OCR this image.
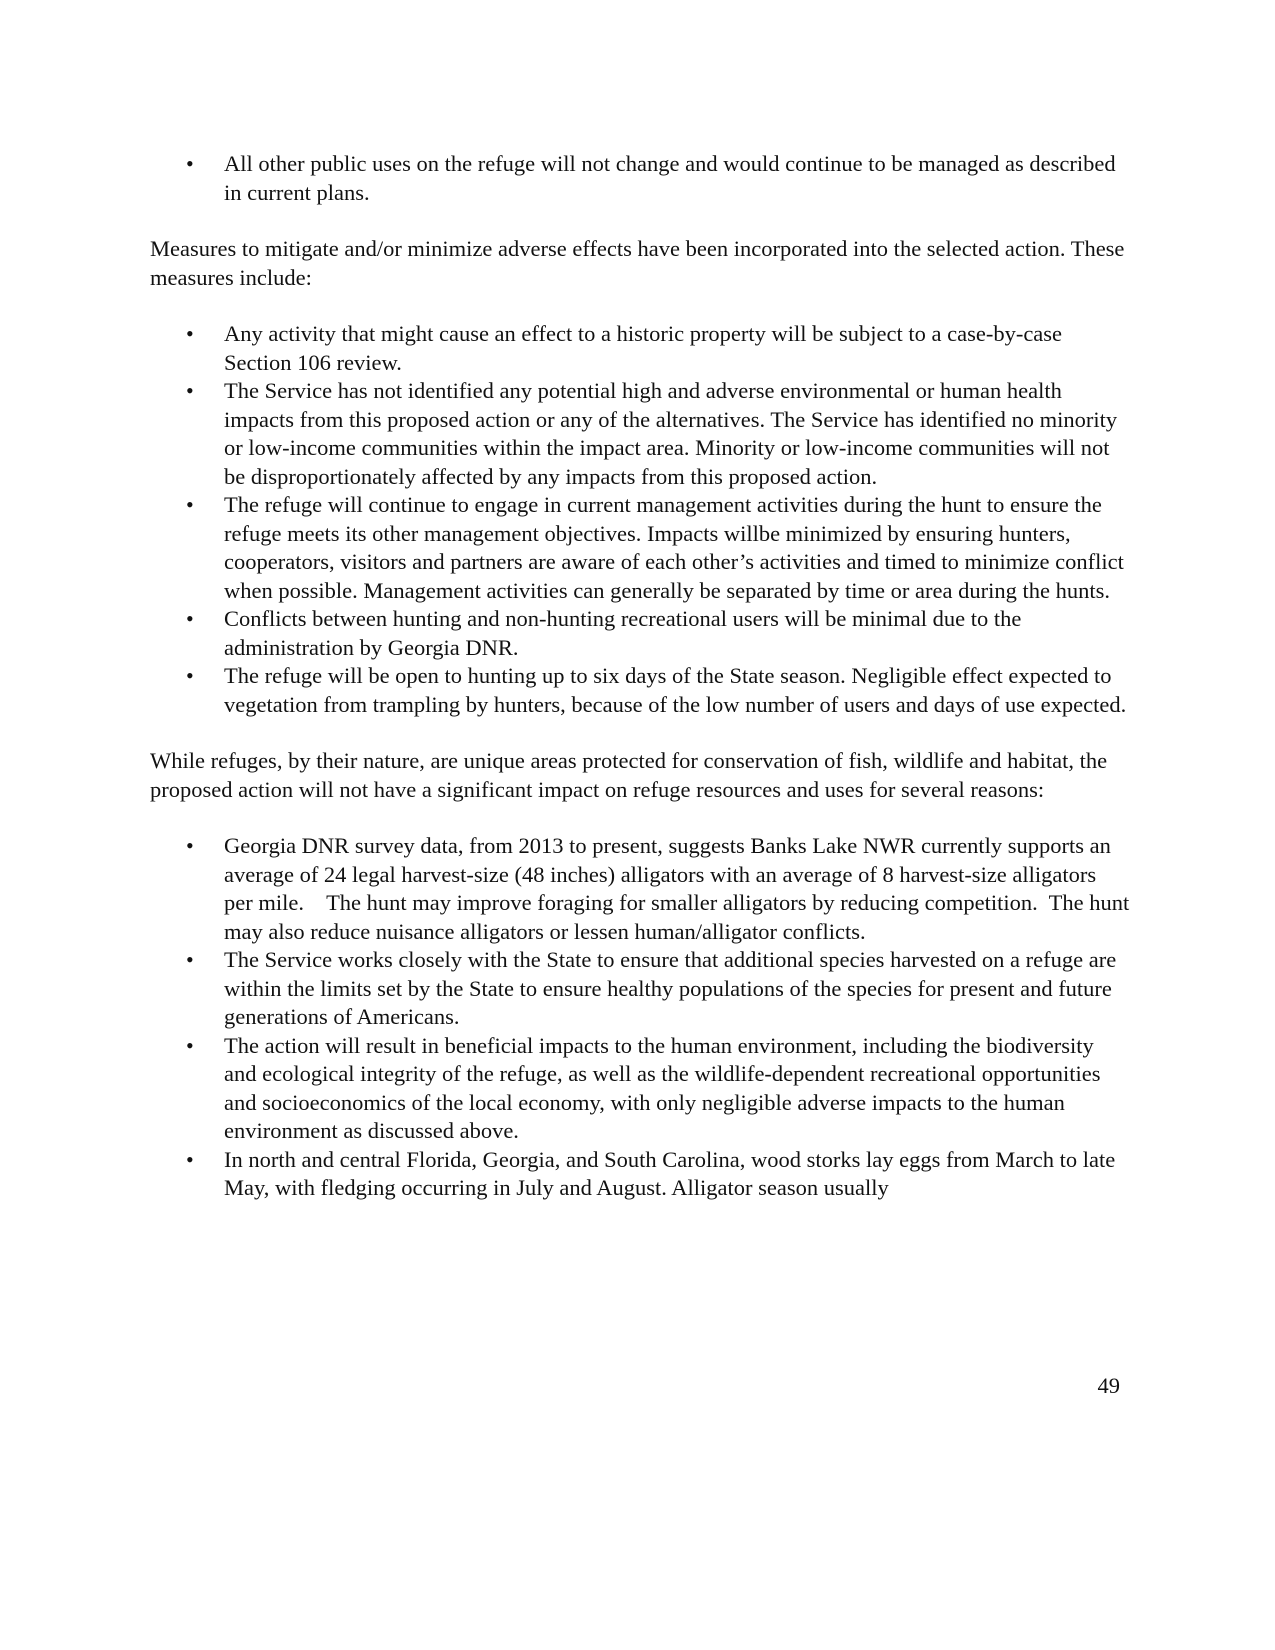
• All other public uses on the refuge will not change and would continue to be managed as described in current plans.

Measures to mitigate and/or minimize adverse effects have been incorporated into the selected action. These measures include:

• Any activity that might cause an effect to a historic property will be subject to a case-by-case Section 106 review.
• The Service has not identified any potential high and adverse environmental or human health impacts from this proposed action or any of the alternatives. The Service has identified no minority or low-income communities within the impact area. Minority or low-income communities will not be disproportionately affected by any impacts from this proposed action.
• The refuge will continue to engage in current management activities during the hunt to ensure the refuge meets its other management objectives. Impacts willbe minimized by ensuring hunters, cooperators, visitors and partners are aware of each other’s activities and timed to minimize conflict when possible. Management activities can generally be separated by time or area during the hunts.
• Conflicts between hunting and non-hunting recreational users will be minimal due to the administration by Georgia DNR.
• The refuge will be open to hunting up to six days of the State season. Negligible effect expected to vegetation from trampling by hunters, because of the low number of users and days of use expected.

While refuges, by their nature, are unique areas protected for conservation of fish, wildlife and habitat, the proposed action will not have a significant impact on refuge resources and uses for several reasons:

• Georgia DNR survey data, from 2013 to present, suggests Banks Lake NWR currently supports an average of 24 legal harvest-size (48 inches) alligators with an average of 8 harvest-size alligators per mile.    The hunt may improve foraging for smaller alligators by reducing competition.  The hunt may also reduce nuisance alligators or lessen human/alligator conflicts.
• The Service works closely with the State to ensure that additional species harvested on a refuge are within the limits set by the State to ensure healthy populations of the species for present and future generations of Americans.
• The action will result in beneficial impacts to the human environment, including the biodiversity and ecological integrity of the refuge, as well as the wildlife-dependent recreational opportunities and socioeconomics of the local economy, with only negligible adverse impacts to the human environment as discussed above.
• In north and central Florida, Georgia, and South Carolina, wood storks lay eggs from March to late May, with fledging occurring in July and August. Alligator season usually
49
